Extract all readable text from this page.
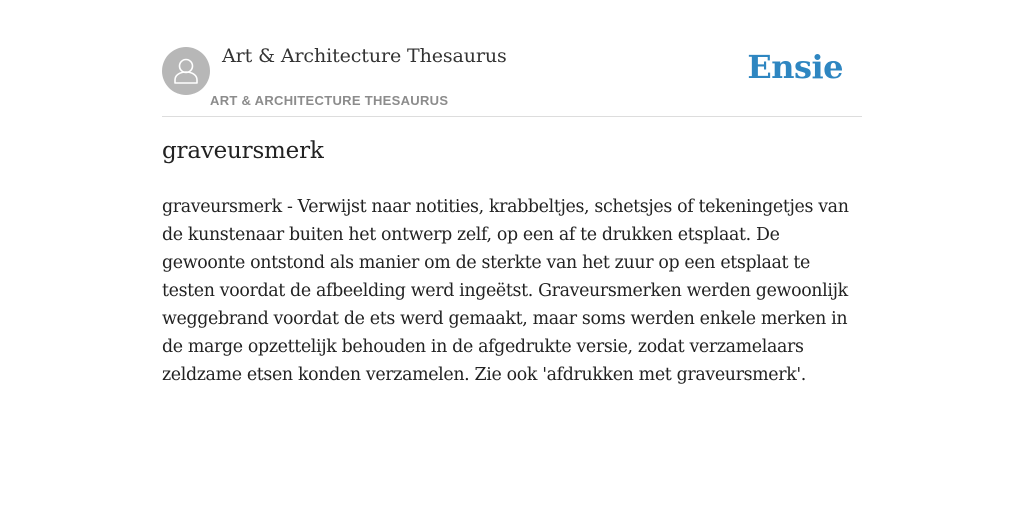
Art & Architecture Thesaurus
ART & ARCHITECTURE THESAURUS
Ensie
graveursmerk

graveursmerk - Verwijst naar notities, krabbeltjes, schetsjes of tekeningetjes van de kunstenaar buiten het ontwerp zelf, op een af te drukken etsplaat. De gewoonte ontstond als manier om de sterkte van het zuur op een etsplaat te testen voordat de afbeelding werd ingeëtst. Graveursmerken werden gewoonlijk weggebrand voordat de ets werd gemaakt, maar soms werden enkele merken in de marge opzettelijk behouden in de afgedrukte versie, zodat verzamelaars zeldzame etsen konden verzamelen. Zie ook 'afdrukken met graveursmerk'.
